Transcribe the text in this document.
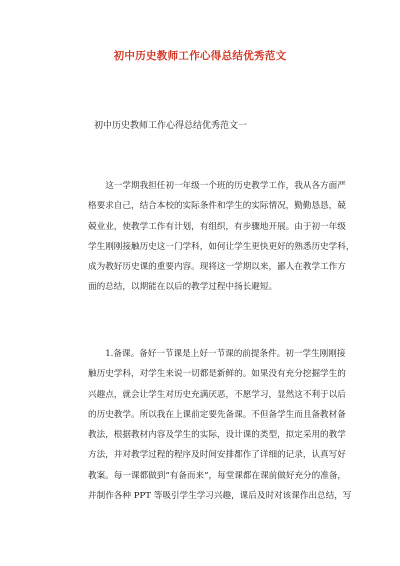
初中历史教师工作心得总结优秀范文
初中历史教师工作心得总结优秀范文一
　　这一学期我担任初一年级一个班的历史教学工作，我从各方面严
格要求自己，结合本校的实际条件和学生的实际情况，勤勤恳恳，兢
兢业业，使教学工作有计划，有组织，有步骤地开展。由于初一年级
学生刚刚接触历史这一门学科，如何让学生更快更好的熟悉历史学科，
成为教好历史课的重要内容。现将这一学期以来，鄙人在教学工作方
面的总结，以期能在以后的教学过程中扬长避短。
　　1.备课。备好一节课是上好一节课的前提条件。初一学生刚刚接
触历史学科，对学生来说一切都是新鲜的。如果没有充分挖掘学生的
兴趣点，就会让学生对历史充满厌恶，不愿学习，显然这不利于以后
的历史教学。所以我在上课前定要先备课。不但备学生而且备教材备
教法，根据教材内容及学生的实际，设计课的类型，拟定采用的教学
方法，并对教学过程的程序及时间安排都作了详细的记录，认真写好
教案。每一课都做到“有备而来”，每堂课都在课前做好充分的准备，
并制作各种 PPT 等吸引学生学习兴趣，课后及时对该课作出总结，写
